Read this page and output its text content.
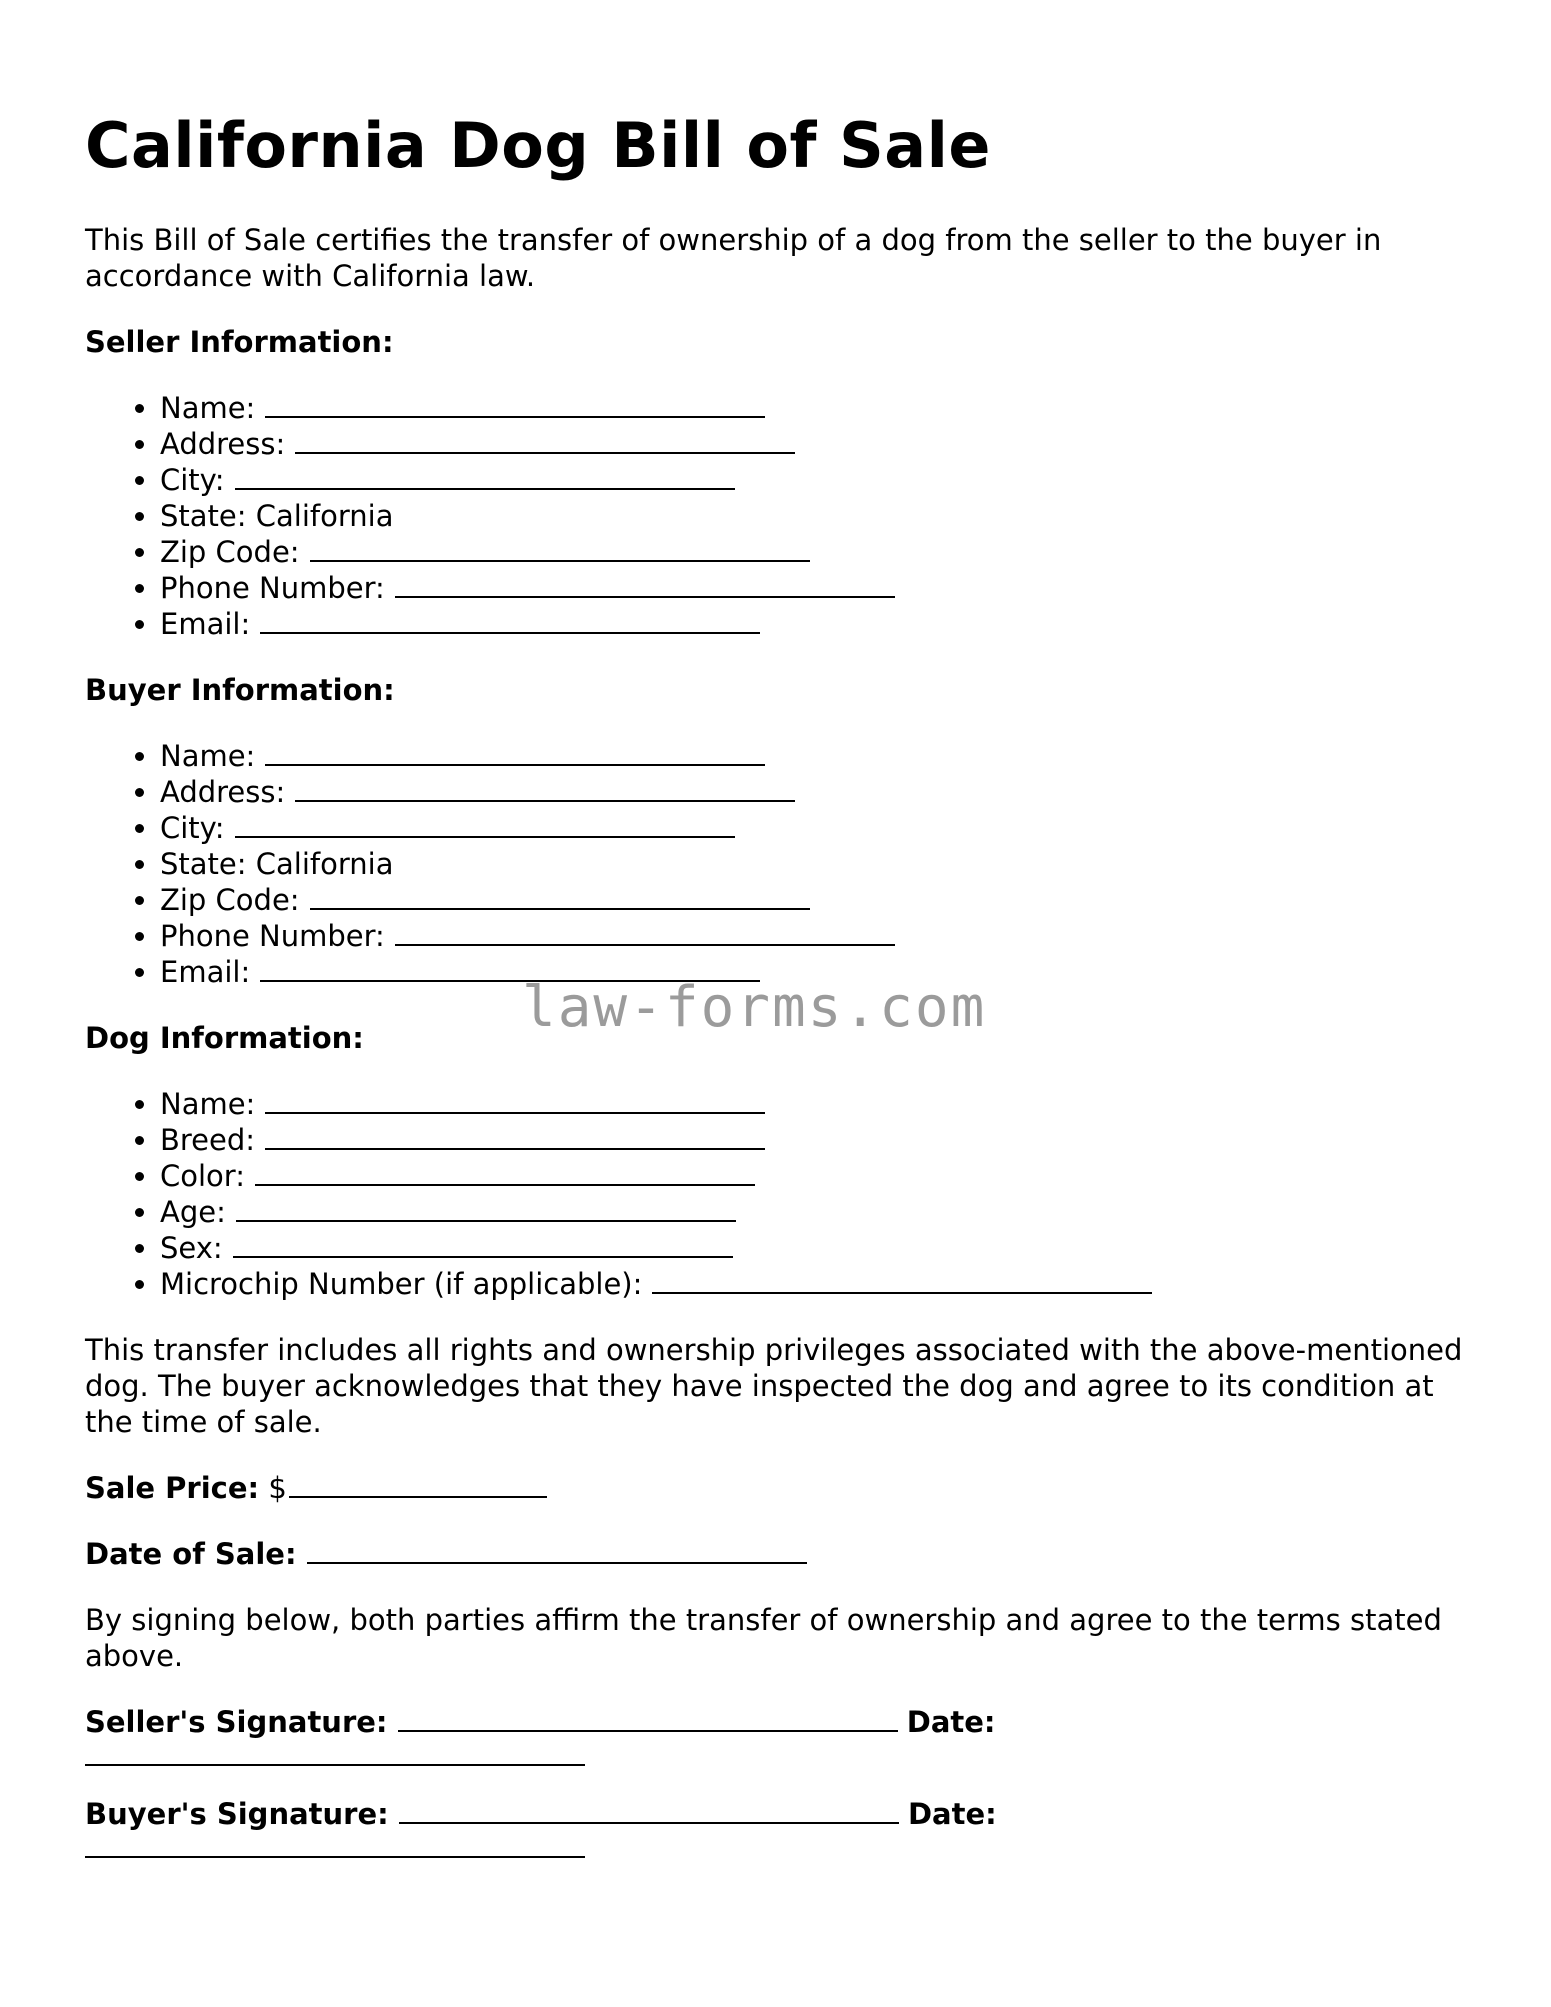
California Dog Bill of Sale

This Bill of Sale certifies the transfer of ownership of a dog from the seller to the buyer in accordance with California law.

Seller Information:
• Name:
• Address:
• City:
• State: California
• Zip Code:
• Phone Number:
• Email:
Buyer Information:
• Name:
• Address:
• City:
• State: California
• Zip Code:
• Phone Number:
• Email:
Dog Information:
• Name:
• Breed:
• Color:
• Age:
• Sex:
• Microchip Number (if applicable):

This transfer includes all rights and ownership privileges associated with the above-mentioned dog. The buyer acknowledges that they have inspected the dog and agree to its condition at the time of sale.

Sale Price: $
Date of Sale:

By signing below, both parties affirm the transfer of ownership and agree to the terms stated above.

Seller's Signature:	Date:
Buyer's Signature:	Date:
law-forms.com
